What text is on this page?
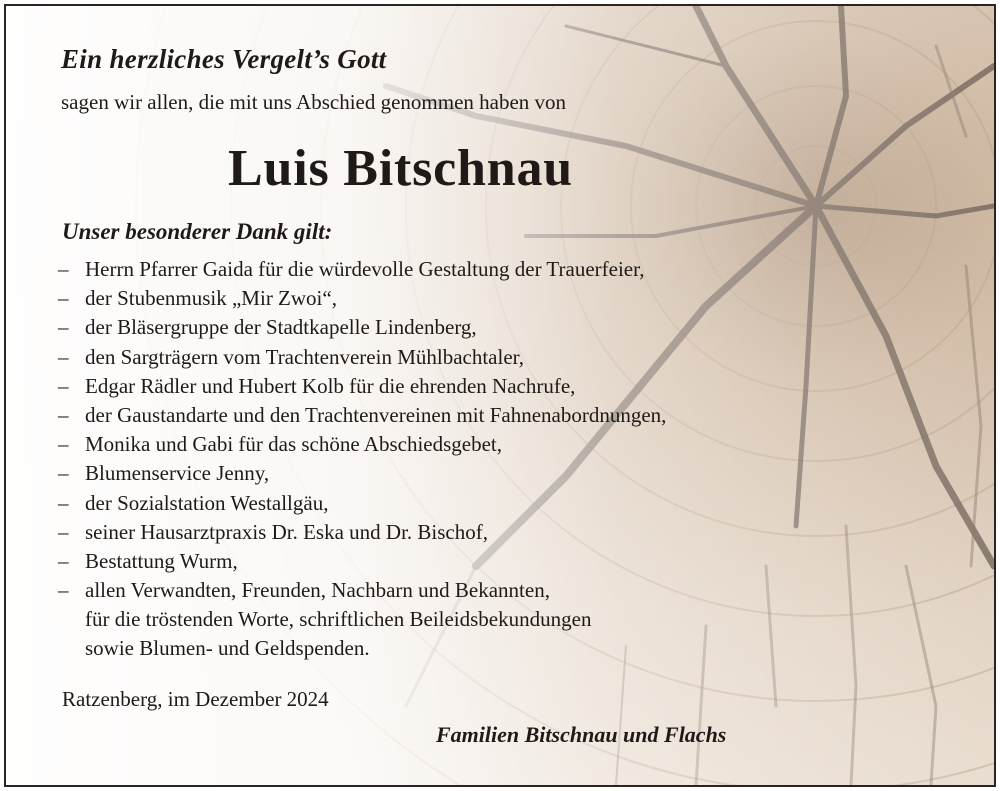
Ein herzliches Vergelt’s Gott
sagen wir allen, die mit uns Abschied genommen haben von
Luis Bitschnau
Unser besonderer Dank gilt:
– Herrn Pfarrer Gaida für die würdevolle Gestaltung der Trauerfeier,
– der Stubenmusik „Mir Zwoi“,
– der Bläsergruppe der Stadtkapelle Lindenberg,
– den Sargträgern vom Trachtenverein Mühlbachtaler,
– Edgar Rädler und Hubert Kolb für die ehrenden Nachrufe,
– der Gaustandarte und den Trachtenvereinen mit Fahnenabordnungen,
– Monika und Gabi für das schöne Abschiedsgebet,
– Blumenservice Jenny,
– der Sozialstation Westallgäu,
– seiner Hausarztpraxis Dr. Eska und Dr. Bischof,
– Bestattung Wurm,
– allen Verwandten, Freunden, Nachbarn und Bekannten,
für die tröstenden Worte, schriftlichen Beileidsbekundungen
sowie Blumen- und Geldspenden.
Ratzenberg, im Dezember 2024
Familien Bitschnau und Flachs
